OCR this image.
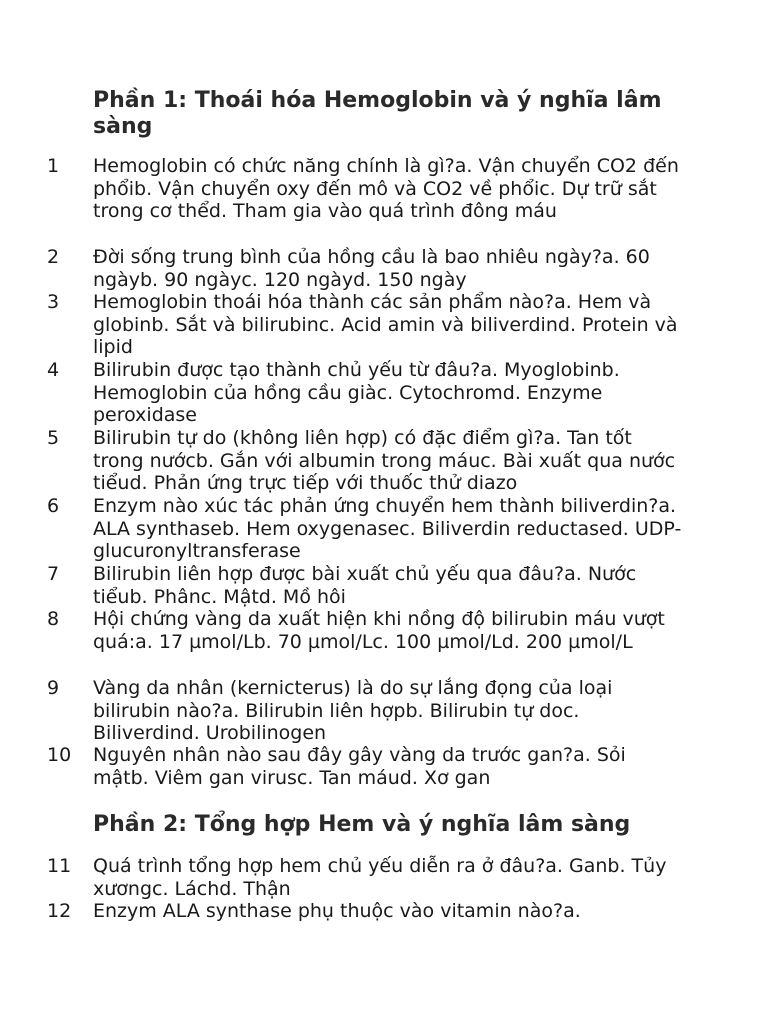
Phần 1: Thoái hóa Hemoglobin và ý nghĩa lâm sàng
1	Hemoglobin có chức năng chính là gì?a. Vận chuyển CO2 đến phổib. Vận chuyển oxy đến mô và CO2 về phổic. Dự trữ sắt trong cơ thểd. Tham gia vào quá trình đông máu
2	Đời sống trung bình của hồng cầu là bao nhiêu ngày?a. 60 ngàyb. 90 ngàyc. 120 ngàyd. 150 ngày
3	Hemoglobin thoái hóa thành các sản phẩm nào?a. Hem và globinb. Sắt và bilirubinc. Acid amin và biliverdind. Protein và lipid
4	Bilirubin được tạo thành chủ yếu từ đâu?a. Myoglobinb. Hemoglobin của hồng cầu giàc. Cytochromd. Enzyme peroxidase
5	Bilirubin tự do (không liên hợp) có đặc điểm gì?a. Tan tốt trong nướcb. Gắn với albumin trong máuc. Bài xuất qua nước tiểud. Phản ứng trực tiếp với thuốc thử diazo
6	Enzym nào xúc tác phản ứng chuyển hem thành biliverdin?a. ALA synthaseb. Hem oxygenasec. Biliverdin reductased. UDP-glucuronyltransferase
7	Bilirubin liên hợp được bài xuất chủ yếu qua đâu?a. Nước tiểub. Phânc. Mậtd. Mồ hôi
8	Hội chứng vàng da xuất hiện khi nồng độ bilirubin máu vượt quá:a. 17 µmol/Lb. 70 µmol/Lc. 100 µmol/Ld. 200 µmol/L
9	Vàng da nhân (kernicterus) là do sự lắng đọng của loại bilirubin nào?a. Bilirubin liên hợpb. Bilirubin tự doc. Biliverdind. Urobilinogen
10	Nguyên nhân nào sau đây gây vàng da trước gan?a. Sỏi mậtb. Viêm gan virusc. Tan máud. Xơ gan
Phần 2: Tổng hợp Hem và ý nghĩa lâm sàng
11	Quá trình tổng hợp hem chủ yếu diễn ra ở đâu?a. Ganb. Tủy xươngc. Láchd. Thận
12	Enzym ALA synthase phụ thuộc vào vitamin nào?a.
